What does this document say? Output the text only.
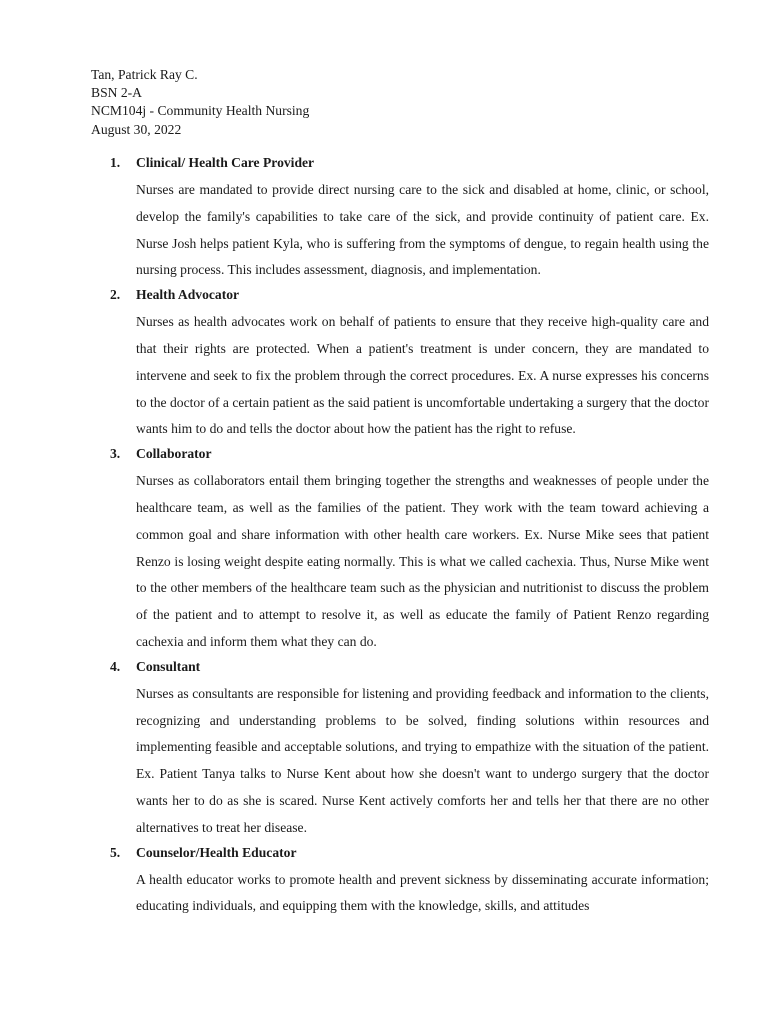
Tan, Patrick Ray C.
BSN 2-A
NCM104j - Community Health Nursing
August 30, 2022
1. Clinical/ Health Care Provider
Nurses are mandated to provide direct nursing care to the sick and disabled at home, clinic, or school, develop the family's capabilities to take care of the sick, and provide continuity of patient care. Ex. Nurse Josh helps patient Kyla, who is suffering from the symptoms of dengue, to regain health using the nursing process. This includes assessment, diagnosis, and implementation.
2. Health Advocator
Nurses as health advocates work on behalf of patients to ensure that they receive high-quality care and that their rights are protected. When a patient's treatment is under concern, they are mandated to intervene and seek to fix the problem through the correct procedures. Ex. A nurse expresses his concerns to the doctor of a certain patient as the said patient is uncomfortable undertaking a surgery that the doctor wants him to do and tells the doctor about how the patient has the right to refuse.
3. Collaborator
Nurses as collaborators entail them bringing together the strengths and weaknesses of people under the healthcare team, as well as the families of the patient. They work with the team toward achieving a common goal and share information with other health care workers. Ex. Nurse Mike sees that patient Renzo is losing weight despite eating normally. This is what we called cachexia. Thus, Nurse Mike went to the other members of the healthcare team such as the physician and nutritionist to discuss the problem of the patient and to attempt to resolve it, as well as educate the family of Patient Renzo regarding cachexia and inform them what they can do.
4. Consultant
Nurses as consultants are responsible for listening and providing feedback and information to the clients, recognizing and understanding problems to be solved, finding solutions within resources and implementing feasible and acceptable solutions, and trying to empathize with the situation of the patient. Ex. Patient Tanya talks to Nurse Kent about how she doesn't want to undergo surgery that the doctor wants her to do as she is scared. Nurse Kent actively comforts her and tells her that there are no other alternatives to treat her disease.
5. Counselor/Health Educator
A health educator works to promote health and prevent sickness by disseminating accurate information; educating individuals, and equipping them with the knowledge, skills, and attitudes
